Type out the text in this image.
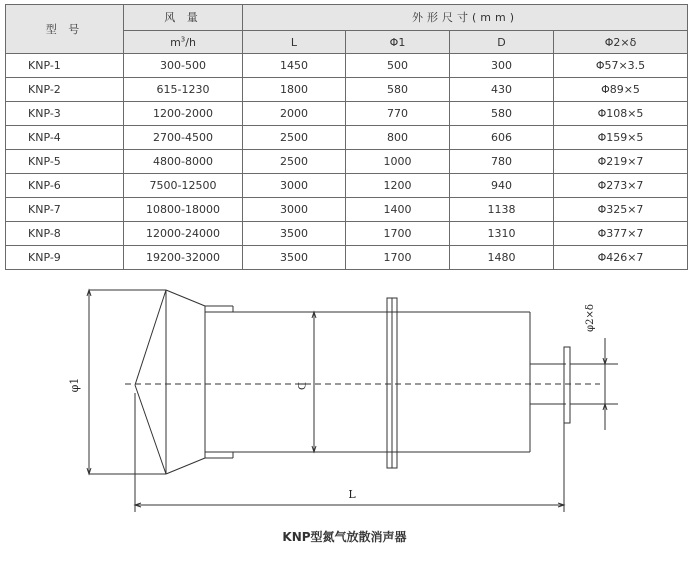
型 号	风 量	外形尺寸(mm)			
	$m^3/h$	L	Φ1	D	Φ2×δ
KNP-1	300-500	1450	500	300	Φ57×3.5
KNP-2	615-1230	1800	580	430	Φ89×5
KNP-3	1200-2000	2000	770	580	Φ108×5
KNP-4	2700-4500	2500	800	606	Φ159×5
KNP-5	4800-8000	2500	1000	780	Φ219×7
KNP-6	7500-12500	3000	1200	940	Φ273×7
KNP-7	10800-18000	3000	1400	1138	Φ325×7
KNP-8	12000-24000	3500	1700	1310	Φ377×7
KNP-9	19200-32000	3500	1700	1480	Φ426×7
φ1	D
φ2×δ
L
KNP型氮气放散消声器
